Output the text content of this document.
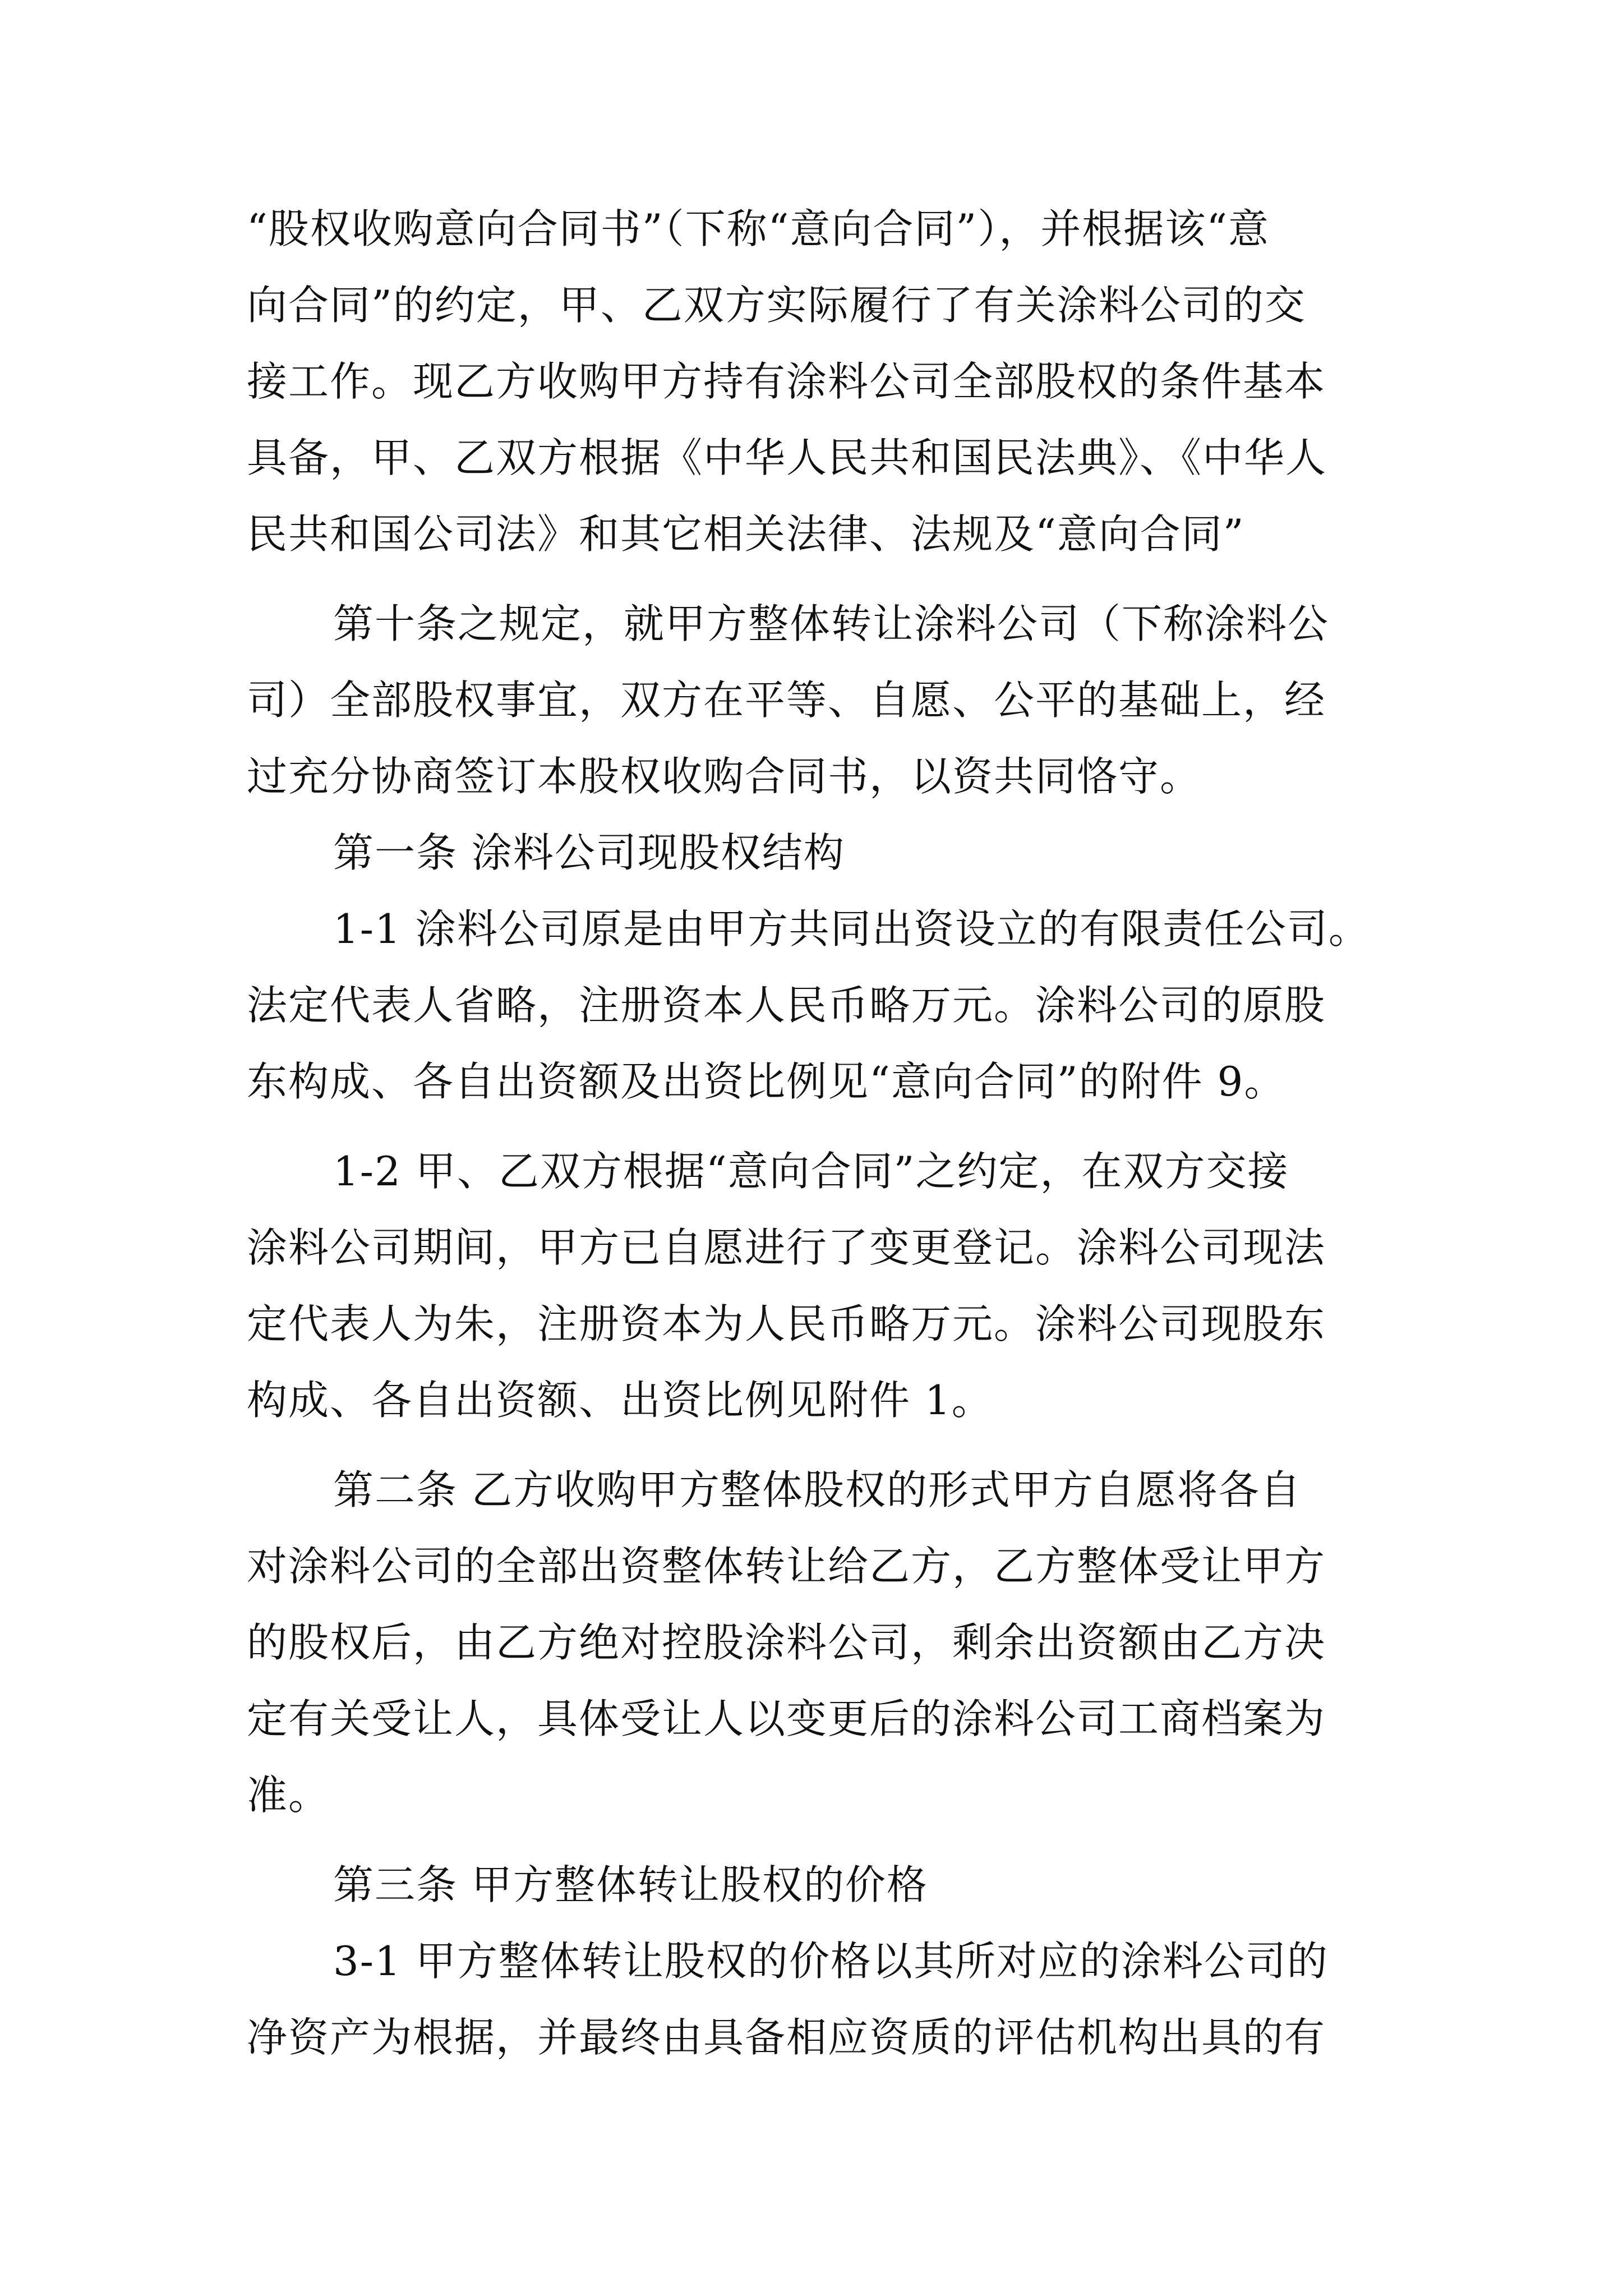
“股权收购意向合同书”（下称“意向合同”），并根据该“意
向合同”的约定，甲、乙双方实际履行了有关涂料公司的交
接工作。现乙方收购甲方持有涂料公司全部股权的条件基本
具备，甲、乙双方根据《中华人民共和国民法典》、《中华人
民共和国公司法》和其它相关法律、法规及“意向合同”
第十条之规定，就甲方整体转让涂料公司（下称涂料公
司）全部股权事宜，双方在平等、自愿、公平的基础上，经
过充分协商签订本股权收购合同书，以资共同恪守。
第一条 涂料公司现股权结构
1-1 涂料公司原是由甲方共同出资设立的有限责任公司。
法定代表人省略，注册资本人民币略万元。涂料公司的原股
东构成、各自出资额及出资比例见“意向合同”的附件 9。
1-2 甲、乙双方根据“意向合同”之约定，在双方交接
涂料公司期间，甲方已自愿进行了变更登记。涂料公司现法
定代表人为朱，注册资本为人民币略万元。涂料公司现股东
构成、各自出资额、出资比例见附件 1。
第二条 乙方收购甲方整体股权的形式甲方自愿将各自
对涂料公司的全部出资整体转让给乙方，乙方整体受让甲方
的股权后，由乙方绝对控股涂料公司，剩余出资额由乙方决
定有关受让人，具体受让人以变更后的涂料公司工商档案为
准。
第三条 甲方整体转让股权的价格
3-1 甲方整体转让股权的价格以其所对应的涂料公司的
净资产为根据，并最终由具备相应资质的评估机构出具的有
